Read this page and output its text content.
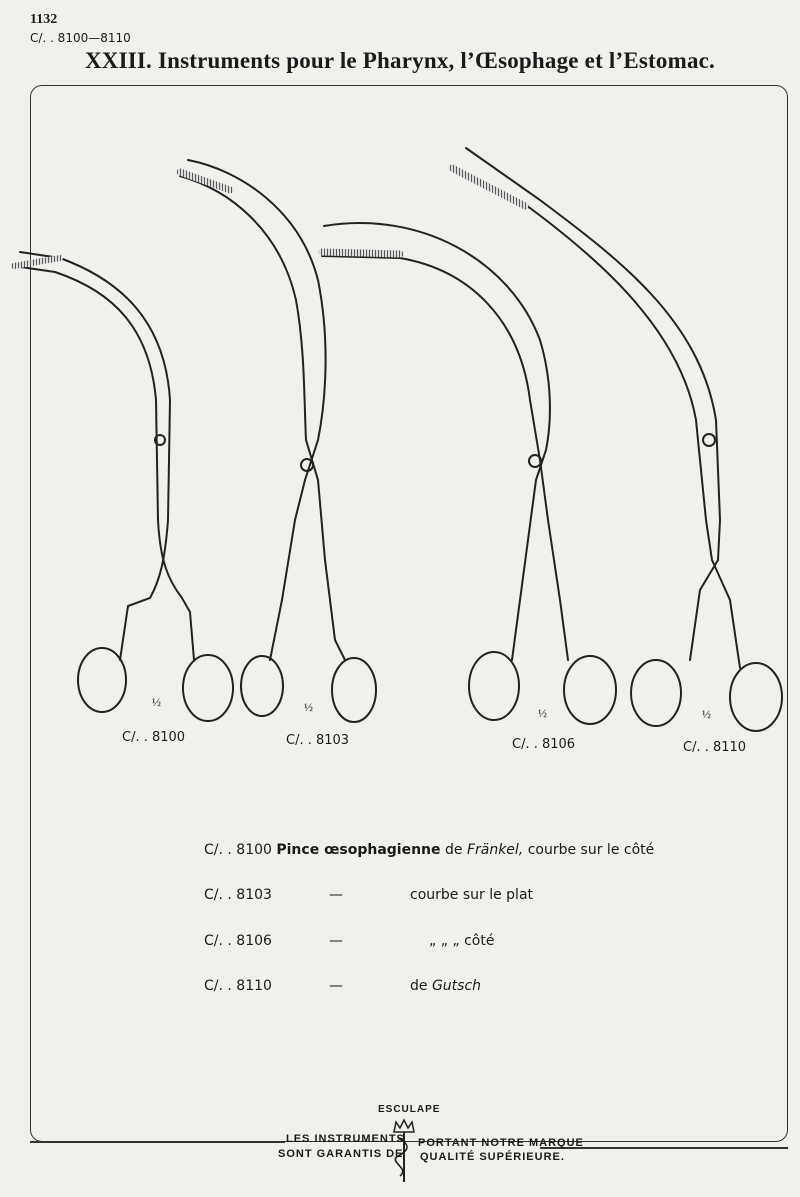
1132
C/. . 8100—8110
XXIII. Instruments pour le Pharynx, l’Œsophage et l’Estomac.
½
C/. . 8100
½
C/. . 8103
½
C/. . 8106
½
C/. . 8110
C/. . 8100 Pince œsophagienne de Fränkel, courbe sur le côté
C/. . 8103	—	courbe sur le plat
C/. . 8106	—	„ „ „ côté
C/. . 8110	—	de Gutsch
ESCULAPE
LES INSTRUMENTS
SONT GARANTIS DE
PORTANT NOTRE MARQUE
QUALITÉ SUPÉRIEURE.
